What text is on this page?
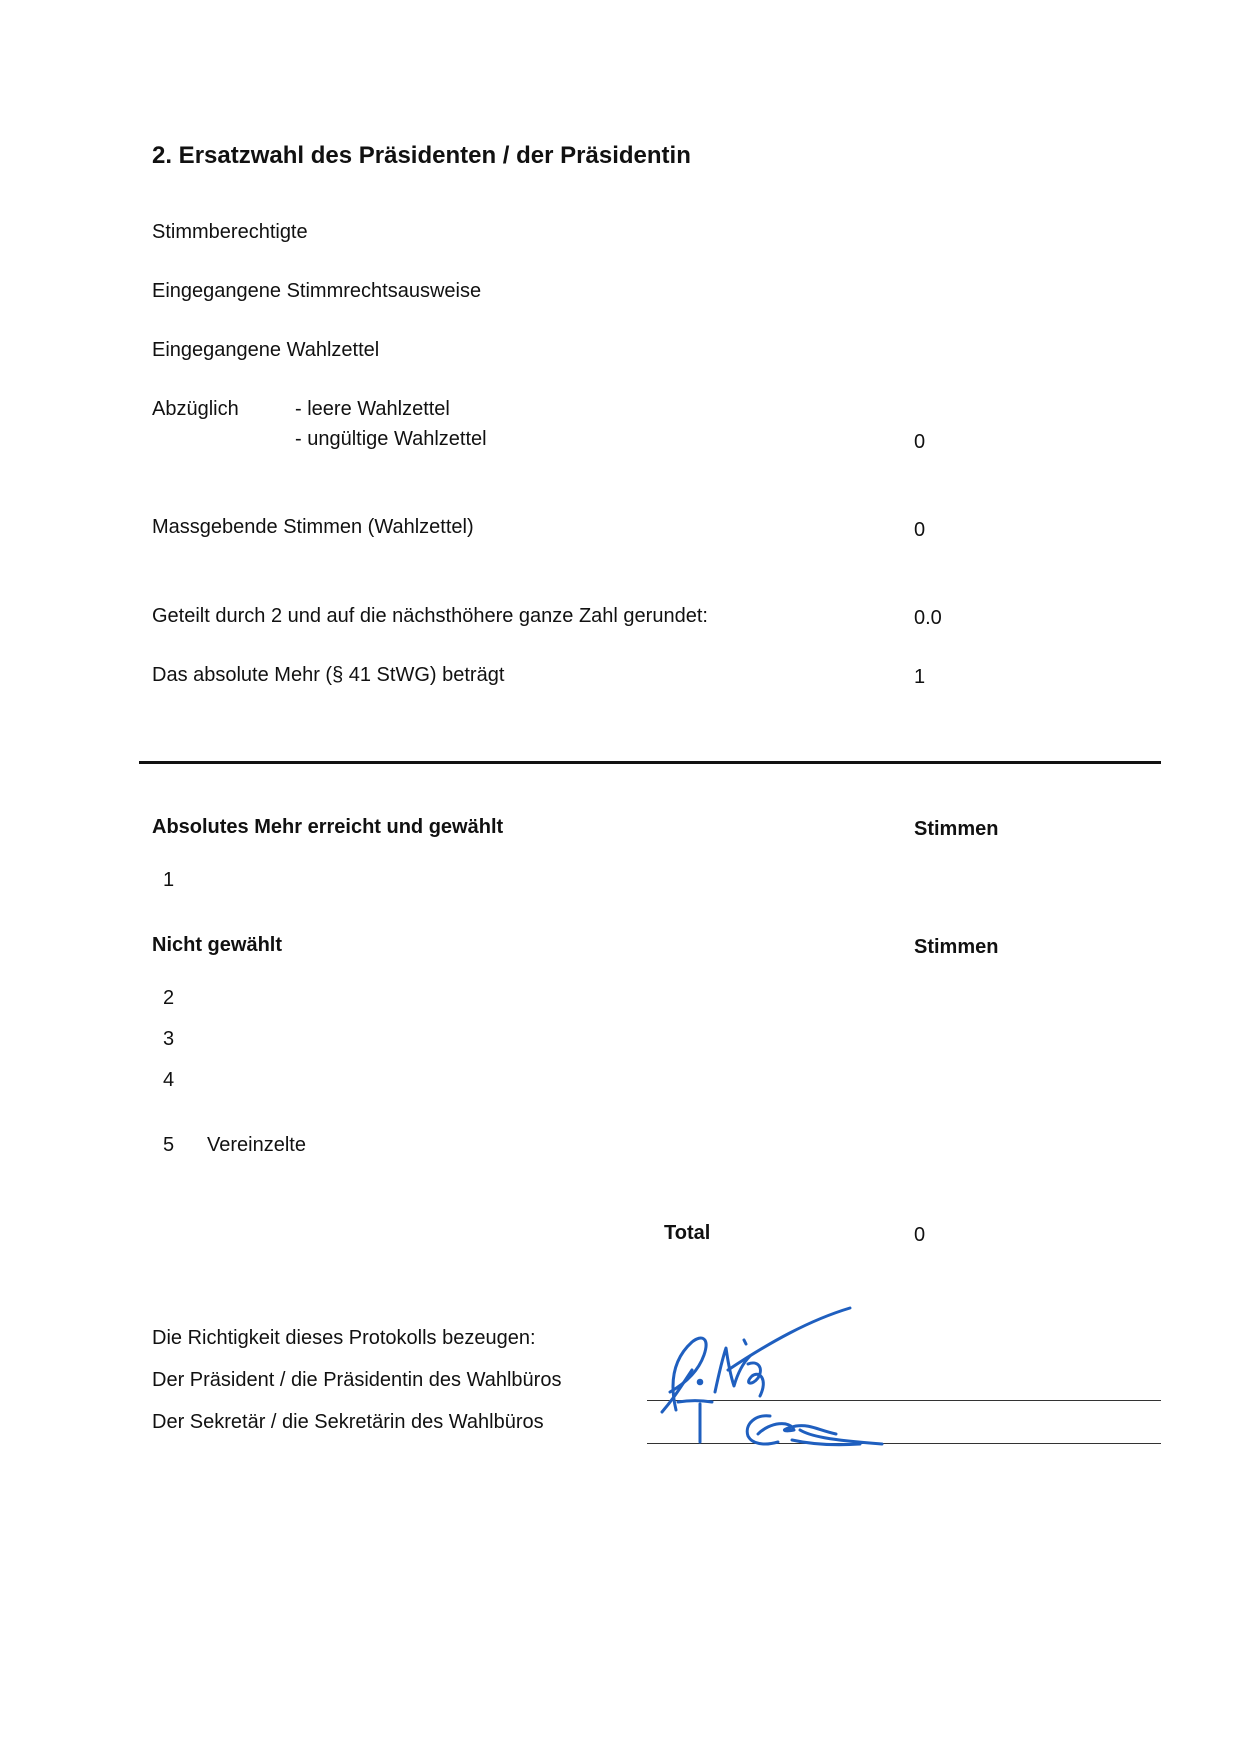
2. Ersatzwahl des Präsidenten / der Präsidentin
Stimmberechtigte
Eingegangene Stimmrechtsausweise
Eingegangene Wahlzettel
Abzüglich	- leere Wahlzettel
- ungültige Wahlzettel	0
Massgebende Stimmen (Wahlzettel)	0
Geteilt durch 2 und auf die nächsthöhere ganze Zahl gerundet:	0.0
Das absolute Mehr (§ 41 StWG) beträgt	1
Absolutes Mehr erreicht und gewählt	Stimmen
1
Nicht gewählt	Stimmen
2
3
4
5 Vereinzelte
Total	0
Die Richtigkeit dieses Protokolls bezeugen:
Der Präsident / die Präsidentin des Wahlbüros
Der Sekretär / die Sekretärin des Wahlbüros
